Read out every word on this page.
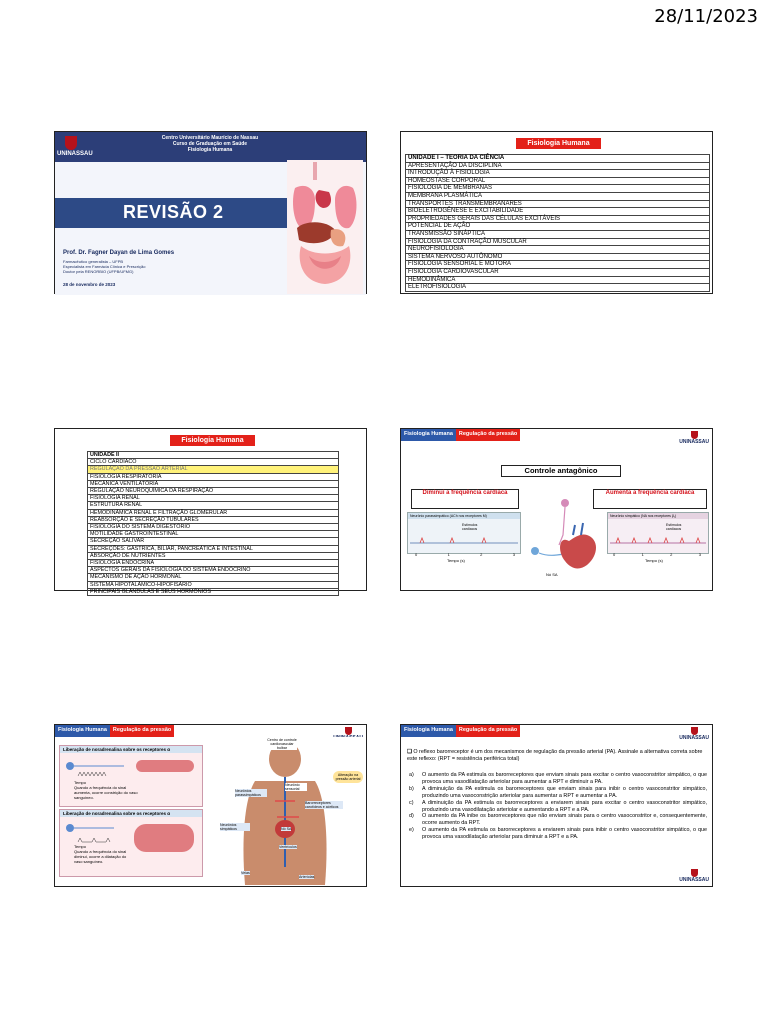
28/11/2023
UNINASSAU
Centro Universitário Maurício de Nassau
Curso de Graduação em Saúde
Fisiologia Humana
REVISÃO 2
Prof. Dr. Fagner Dayan de Lima Gomes
Farmacêutico generalista – UFPB
Especialista em Farmácia Clínica e Prescrição
Doutor pela RENORBIO (UFPB/UFMG)
28 de novembro de 2023
Fisiologia Humana
UNIDADE I – TEORIA DA CIÊNCIA
APRESENTAÇÃO DA DISCIPLINA
INTRODUÇÃO À FISIOLOGIA
HOMEOSTASE CORPORAL
FISIOLOGIA DE MEMBRANAS
MEMBRANA PLASMÁTICA
TRANSPORTES TRANSMEMBRANARES
BIOELETROGÊNESE E EXCITABILIDADE
PROPRIEDADES GERAIS DAS CÉLULAS EXCITÁVEIS
POTENCIAL DE AÇÃO
TRANSMISSÃO SINÁPTICA
FISIOLOGIA DA CONTRAÇÃO MUSCULAR
NEUROFISIOLOGIA
SISTEMA NERVOSO AUTÔNOMO
FISIOLOGIA SENSORIAL E MOTORA
FISIOLOGIA CARDIOVASCULAR
HEMODINÂMICA
ELETROFISIOLOGIA
Fisiologia Humana
UNIDADE II
CICLO CARDÍACO
REGULAÇÃO DA PRESSÃO ARTERIAL
FISIOLOGIA RESPIRATÓRIA
MECÂNICA VENTILATÓRIA
REGULAÇÃO NEUROQUÍMICA DA RESPIRAÇÃO
FISIOLOGIA RENAL
ESTRUTURA RENAL
HEMODINÂMICA RENAL E FILTRAÇÃO GLOMERULAR
REABSORÇÃO E SECREÇÃO TUBULARES
FISIOLOGIA DO SISTEMA DIGESTÓRIO
MOTILIDADE GASTROINTESTINAL
SECREÇÃO SALIVAR
SECREÇÕES: GÁSTRICA, BILIAR, PANCREÁTICA E INTESTINAL
ABSORÇÃO DE NUTRIENTES
FISIOLOGIA ENDÓCRINA
ASPECTOS GERAIS DA FISIOLOGIA DO SISTEMA ENDÓCRINO
MECANISMO DE AÇÃO HORMONAL
SISTEMA HIPOTALÂMICO-HIPOFISÁRIO
PRINCIPAIS GLÂNDULAS E SEUS HORMÔNIOS
Fisiologia Humana	Regulação da pressão
UNINASSAU
Controle antagônico
Diminui a frequência cardíaca	Aumenta a frequência cardíaca
Neurônio parassimpático (ACh nos receptores M)
Estímulos cardíacos
0	1	2	3
Tempo (s)
Neurônio simpático (NA nos receptores β₁)
Estímulos cardíacos
0	1	2	3
Tempo (s)
Nó SA
Fisiologia Humana	Regulação da pressão
Liberação de noradrenalina sobre os receptores α
Tempo
Quando a frequência do sinal aumenta, ocorre constrição do vaso sanguíneo.
Liberação de noradrenalina sobre os receptores α
Tempo
Quando a frequência do sinal diminui, ocorre a dilatação do vaso sanguíneo.
Centro de controle cardiovascular bulbar
Neurônio sensorial
Alteração na pressão arterial
Neurônios parassimpáticos
Barorreceptores carotídeos e aórticos
Neurônios simpáticos	Nó SA
Ventrículos
Veias
Arteríolas
Fisiologia Humana	Regulação da pressão
UNINASSAU
❏ O reflexo barorreceptor é um dos mecanismos de regulação da pressão arterial (PA). Assinale a alternativa correta sobre este reflexo: (RPT = resistência periférica total)
a)	O aumento da PA estimula os barorreceptores que enviam sinais para excitar o centro vasoconstritor simpático, o que provoca uma vasodilatação arteriolar para aumentar a RPT e diminuir a PA.
b)	A diminuição da PA estimula os barorreceptores que enviam sinais para inibir o centro vasoconstritor simpático, produzindo uma vasoconstrição arteriolar para aumentar a RPT e aumentar a PA.
c)	A diminuição da PA estimula os barorreceptores a enviarem sinais para excitar o centro vasoconstritor simpático, produzindo uma vasodilatação arteriolar e aumentando a RPT e a PA.
d)	O aumento da PA inibe os barorreceptores que não enviam sinais para o centro vasoconstritor e, consequentemente, ocorre aumento da RPT.
e)	O aumento da PA estimula os barorreceptores a enviarem sinais para inibir o centro vasoconstritor simpático, o que provoca uma vasodilatação arteriolar para diminuir a RPT e a PA.
UNINASSAU
